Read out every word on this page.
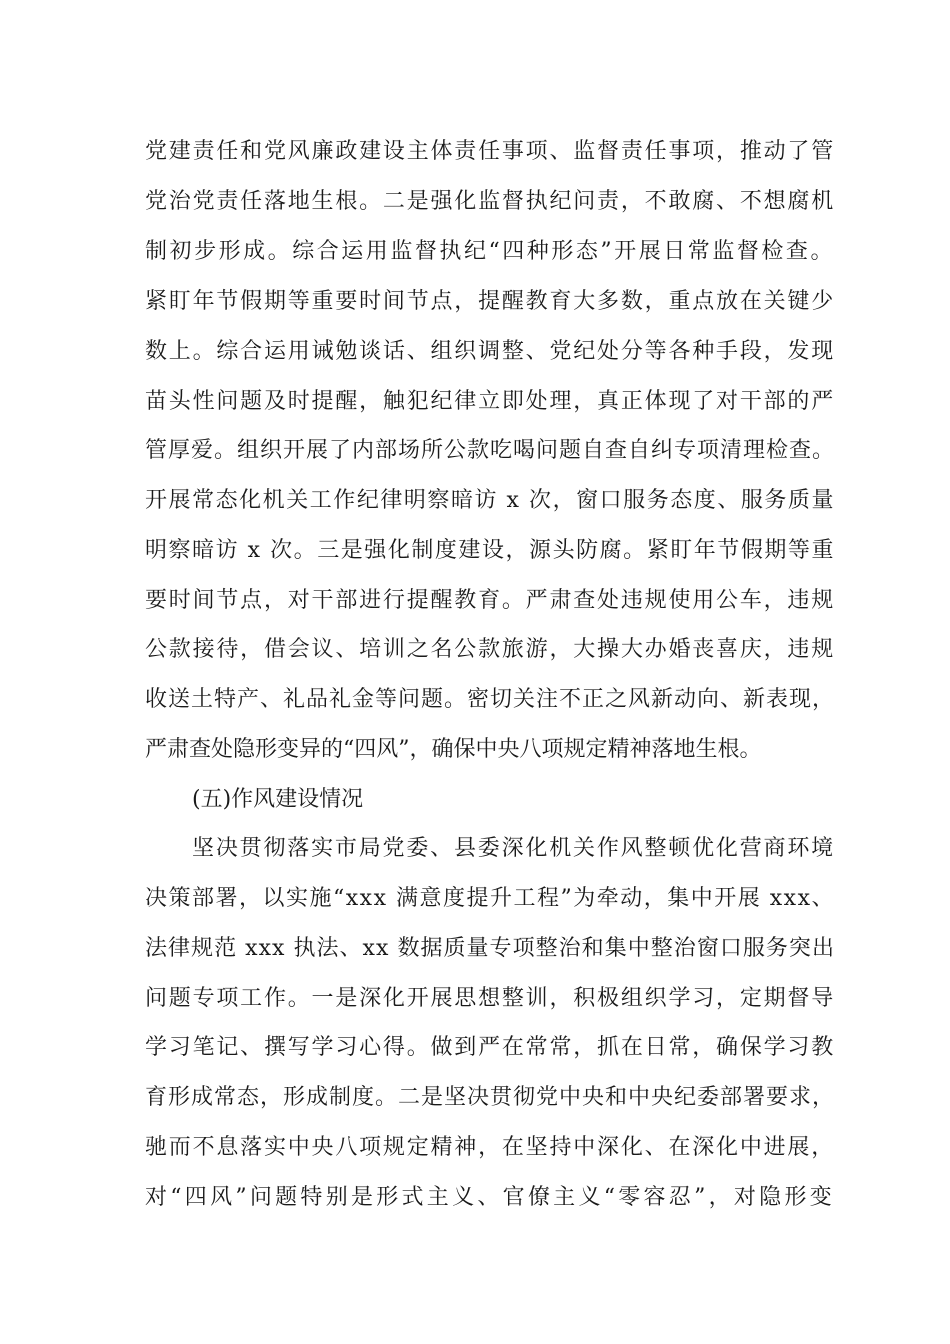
党建责任和党风廉政建设主体责任事项、监督责任事项，推动了管
党治党责任落地生根。二是强化监督执纪问责，不敢腐、不想腐机
制初步形成。综合运用监督执纪“四种形态”开展日常监督检查。
紧盯年节假期等重要时间节点，提醒教育大多数，重点放在关键少
数上。综合运用诫勉谈话、组织调整、党纪处分等各种手段，发现
苗头性问题及时提醒，触犯纪律立即处理，真正体现了对干部的严
管厚爱。组织开展了内部场所公款吃喝问题自查自纠专项清理检查。
开展常态化机关工作纪律明察暗访 x 次，窗口服务态度、服务质量
明察暗访 x 次。三是强化制度建设，源头防腐。紧盯年节假期等重
要时间节点，对干部进行提醒教育。严肃查处违规使用公车，违规
公款接待，借会议、培训之名公款旅游，大操大办婚丧喜庆，违规
收送土特产、礼品礼金等问题。密切关注不正之风新动向、新表现，
严肃查处隐形变异的“四风”，确保中央八项规定精神落地生根。
(五)作风建设情况
坚决贯彻落实市局党委、县委深化机关作风整顿优化营商环境
决策部署，以实施“xxx 满意度提升工程”为牵动，集中开展 xxx、
法律规范 xxx 执法、xx 数据质量专项整治和集中整治窗口服务突出
问题专项工作。一是深化开展思想整训，积极组织学习，定期督导
学习笔记、撰写学习心得。做到严在常常，抓在日常，确保学习教
育形成常态，形成制度。二是坚决贯彻党中央和中央纪委部署要求，
驰而不息落实中央八项规定精神，在坚持中深化、在深化中进展，
对“四风”问题特别是形式主义、官僚主义“零容忍”，对隐形变
